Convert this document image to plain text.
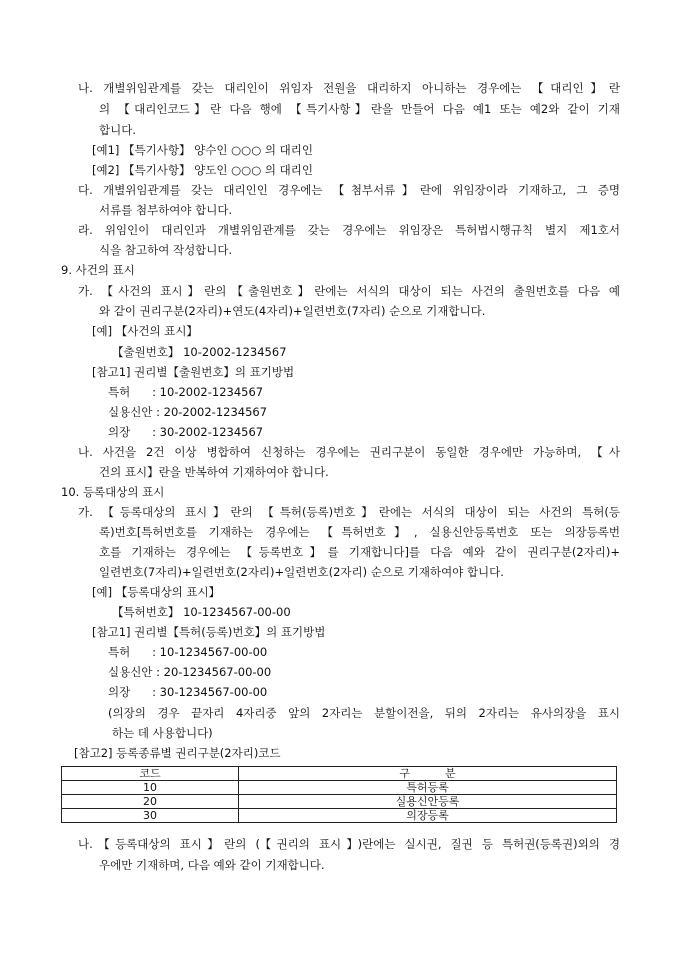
나. 개별위임관계를 갖는 대리인이 위임자 전원을 대리하지 아니하는 경우에는 【대리인】란
의 【대리인코드】란 다음 행에 【특기사항】란을 만들어 다음 예1 또는 예2와 같이 기재
합니다.
[예1] 【특기사항】 양수인 ○○○ 의 대리인
[예2] 【특기사항】 양도인 ○○○ 의 대리인
다. 개별위임관계를 갖는 대리인인 경우에는 【첨부서류】란에 위임장이라 기재하고, 그 증명
서류를 첨부하여야 합니다.
라. 위임인이 대리인과 개별위임관계를 갖는 경우에는 위임장은 특허법시행규칙 별지 제1호서
식을 참고하여 작성합니다.
9. 사건의 표시
가. 【사건의 표시】란의【출원번호】란에는 서식의 대상이 되는 사건의 출원번호를 다음 예
와 같이 권리구분(2자리)+연도(4자리)+일련번호(7자리) 순으로 기재합니다.
[예] 【사건의 표시】
【출원번호】 10-2002-1234567
[참고1] 권리별【출원번호】의 표기방법
특허      : 10-2002-1234567
실용신안 : 20-2002-1234567
의장      : 30-2002-1234567
나. 사건을 2건 이상 병합하여 신청하는 경우에는 권리구분이 동일한 경우에만 가능하며, 【사
건의 표시】란을 반복하여 기재하여야 합니다.
10. 등록대상의 표시
가. 【등록대상의 표시】란의 【특허(등록)번호】란에는 서식의 대상이 되는 사건의 특허(등
록)번호[특허번호를 기재하는 경우에는 【특허번호】, 실용신안등록번호 또는 의장등록번
호를 기재하는 경우에는 【등록번호】를 기재합니다]를 다음 예와 같이 권리구분(2자리)+
일련번호(7자리)+일련번호(2자리)+일련번호(2자리) 순으로 기재하여야 합니다.
[예] 【등록대상의 표시】
【특허번호】 10-1234567-00-00
[참고1] 권리별【특허(등록)번호】의 표기방법
특허      : 10-1234567-00-00
실용신안 : 20-1234567-00-00
의장      : 30-1234567-00-00
(의장의 경우 끝자리 4자리중 앞의 2자리는 분할이전을, 뒤의 2자리는 유사의장을 표시
하는 데 사용합니다)
[참고2] 등록종류별 권리구분(2자리)코드
코드	구          분
10	특허등록
20	실용신안등록
30	의장등록
나.【등록대상의 표시】란의 (【권리의 표시】)란에는 실시권, 질권 등 특허권(등록권)외의 경
우에만 기재하며, 다음 예와 같이 기재합니다.
